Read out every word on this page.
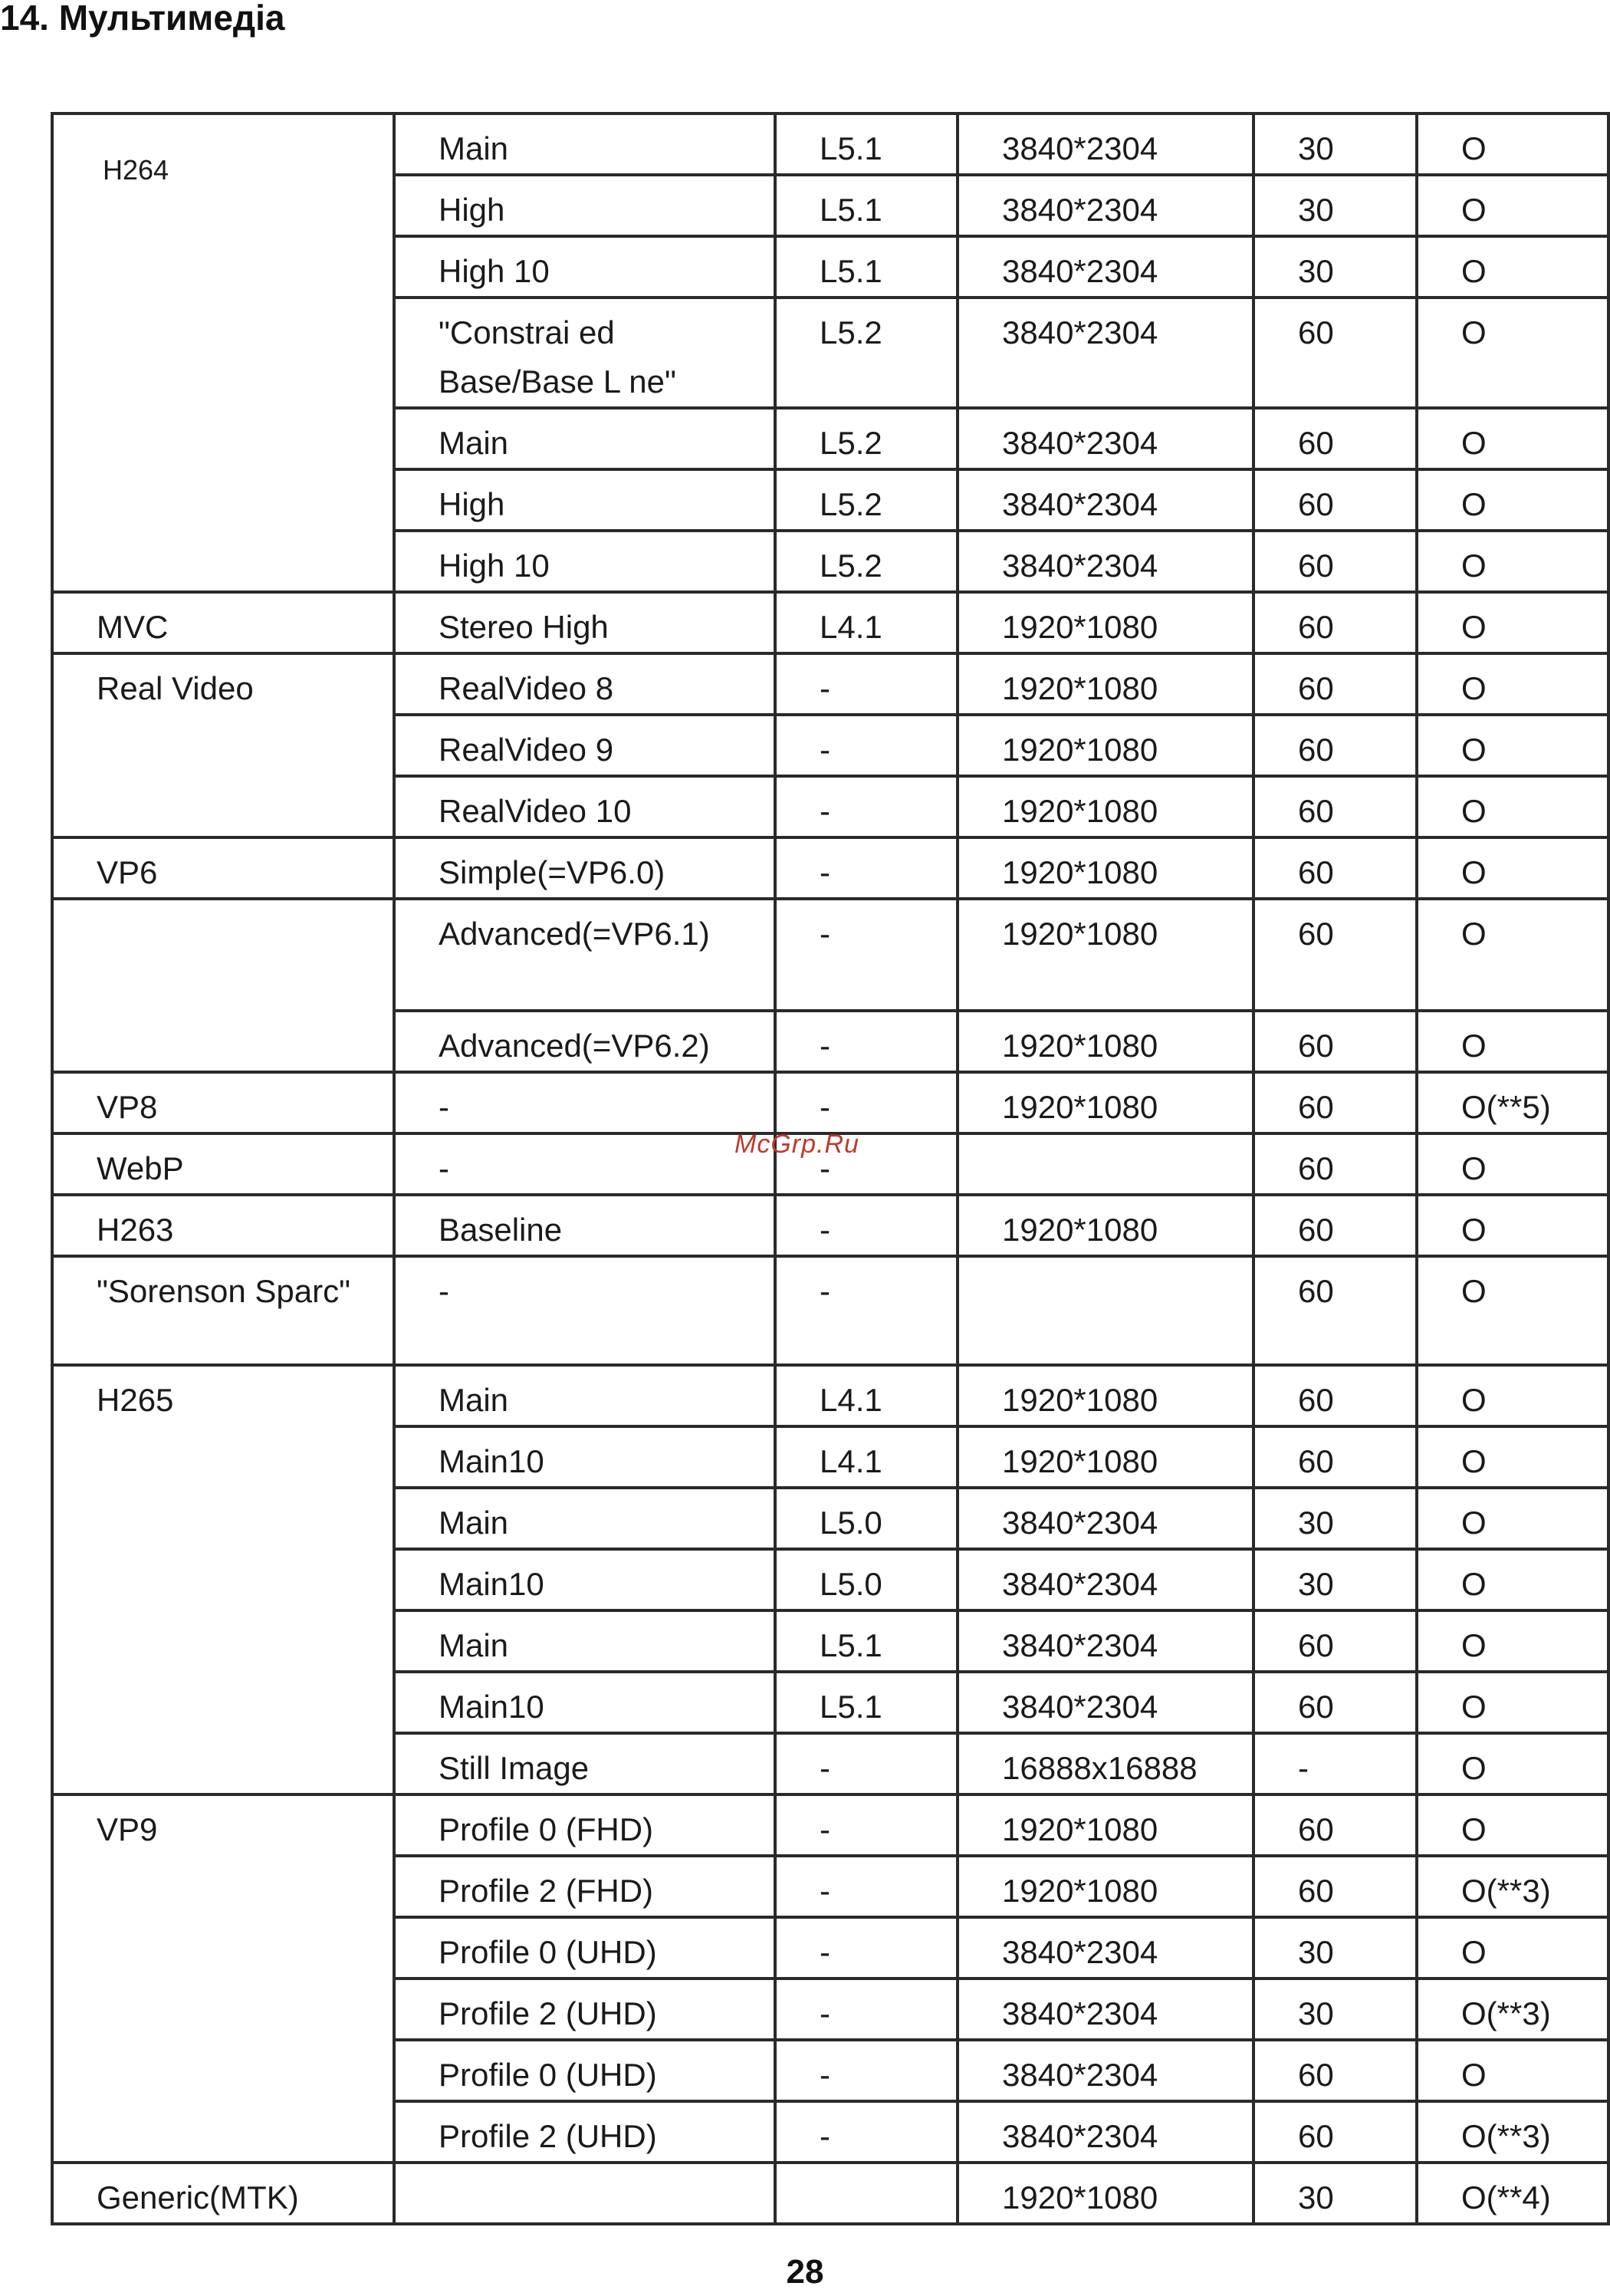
14. Мультимедіа
H264	Main	L5.1	3840*2304	30	O
	High	L5.1	3840*2304	30	O
	High 10	L5.1	3840*2304	30	O
	"Constrai ed Base/Base L ne"	L5.2	3840*2304	60	O
	Main	L5.2	3840*2304	60	O
	High	L5.2	3840*2304	60	O
	High 10	L5.2	3840*2304	60	O
MVC	Stereo High	L4.1	1920*1080	60	O
Real Video	RealVideo 8	-	1920*1080	60	O
	RealVideo 9	-	1920*1080	60	O
	RealVideo 10	-	1920*1080	60	O
VP6	Simple(=VP6.0)	-	1920*1080	60	O
	Advanced(=VP6.1)	-	1920*1080	60	O
	Advanced(=VP6.2)	-	1920*1080	60	O
VP8	-	-	1920*1080	60	O(**5)
WebP	-	-		60	O
H263	Baseline	-	1920*1080	60	O
"Sorenson Sparc"	-	-		60	O
H265	Main	L4.1	1920*1080	60	O
	Main10	L4.1	1920*1080	60	O
	Main	L5.0	3840*2304	30	O
	Main10	L5.0	3840*2304	30	O
	Main	L5.1	3840*2304	60	O
	Main10	L5.1	3840*2304	60	O
	Still Image	-	16888x16888	-	O
VP9	Profile 0 (FHD)	-	1920*1080	60	O
	Profile 2 (FHD)	-	1920*1080	60	O(**3)
	Profile 0 (UHD)	-	3840*2304	30	O
	Profile 2 (UHD)	-	3840*2304	30	O(**3)
	Profile 0 (UHD)	-	3840*2304	60	O
	Profile 2 (UHD)	-	3840*2304	60	O(**3)
Generic(MTK)			1920*1080	30	O(**4)
McGrp.Ru
28
